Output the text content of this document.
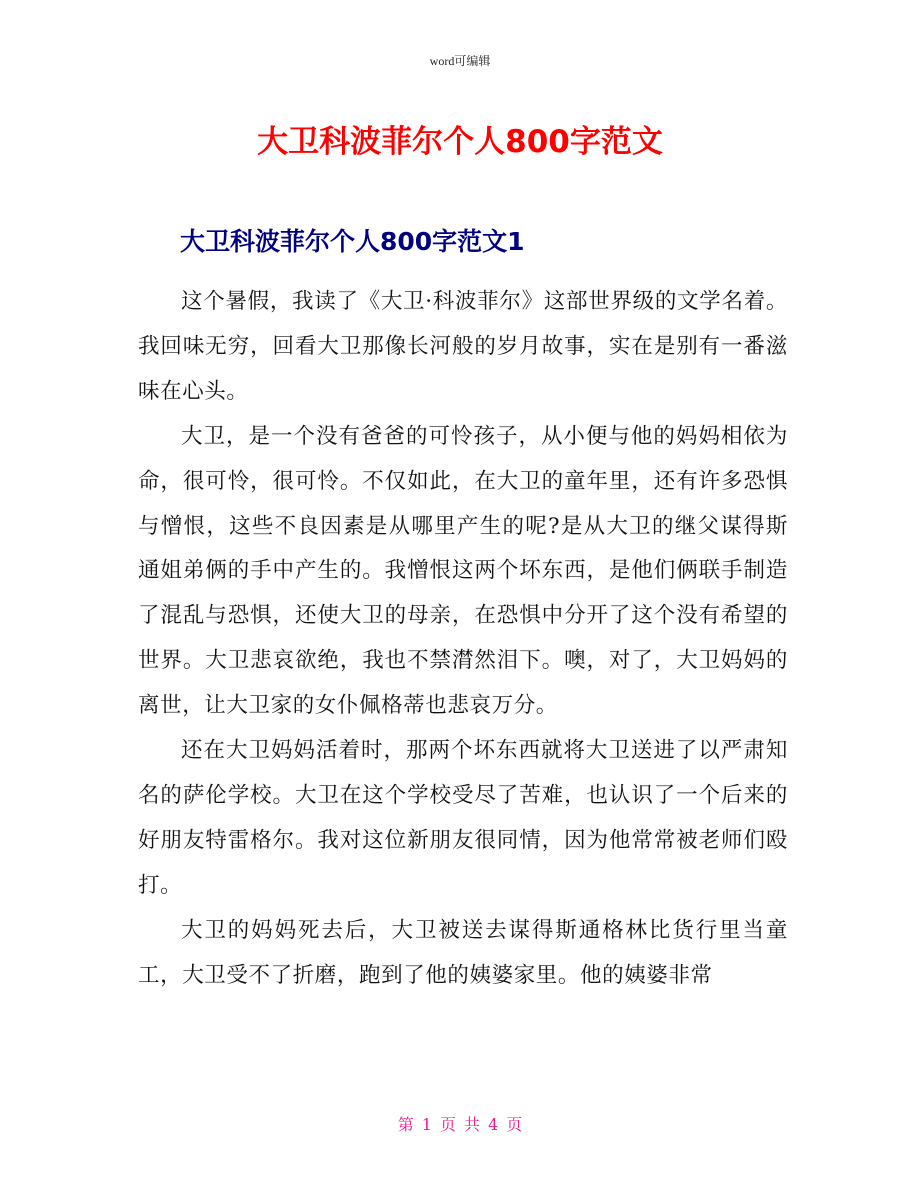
word可编辑
大卫科波菲尔个人800字范文
大卫科波菲尔个人800字范文1

这个暑假，我读了《大卫·科波菲尔》这部世界级的文学名着。我回味无穷，回看大卫那像长河般的岁月故事，实在是别有一番滋味在心头。

大卫，是一个没有爸爸的可怜孩子，从小便与他的妈妈相依为命，很可怜，很可怜。不仅如此，在大卫的童年里，还有许多恐惧与憎恨，这些不良因素是从哪里产生的呢?是从大卫的继父谋得斯通姐弟俩的手中产生的。我憎恨这两个坏东西，是他们俩联手制造了混乱与恐惧，还使大卫的母亲，在恐惧中分开了这个没有希望的世界。大卫悲哀欲绝，我也不禁潸然泪下。噢，对了，大卫妈妈的离世，让大卫家的女仆佩格蒂也悲哀万分。

还在大卫妈妈活着时，那两个坏东西就将大卫送进了以严肃知名的萨伦学校。大卫在这个学校受尽了苦难，也认识了一个后来的好朋友特雷格尔。我对这位新朋友很同情，因为他常常被老师们殴打。

大卫的妈妈死去后，大卫被送去谋得斯通格林比货行里当童工，大卫受不了折磨，跑到了他的姨婆家里。他的姨婆非常

第 1 页 共 4 页
